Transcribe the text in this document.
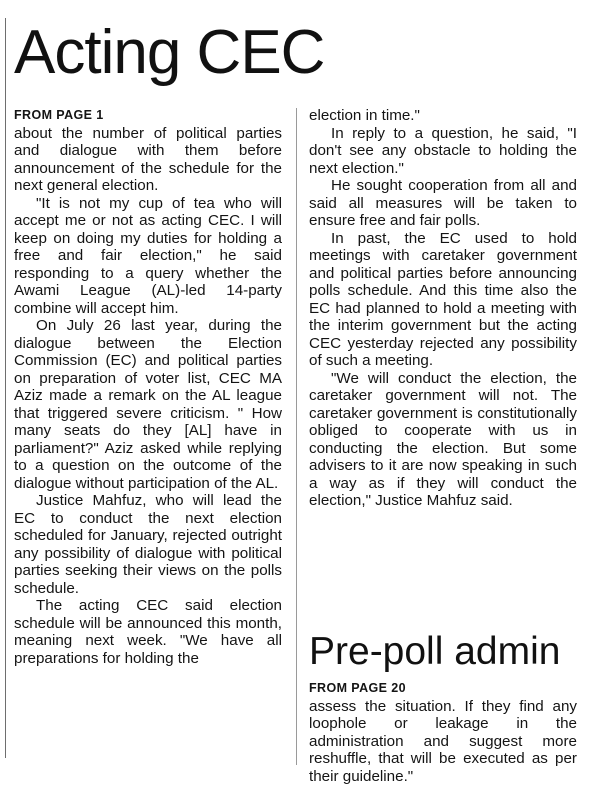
Acting CEC
FROM PAGE 1

about the number of political parties and dialogue with them before announcement of the schedule for the next general election.

"It is not my cup of tea who will accept me or not as acting CEC. I will keep on doing my duties for holding a free and fair election," he said responding to a query whether the Awami League (AL)-led 14-party combine will accept him.

On July 26 last year, during the dialogue between the Election Commission (EC) and political parties on preparation of voter list, CEC MA Aziz made a remark on the AL league that triggered severe criticism. " How many seats do they [AL] have in parliament?" Aziz asked while replying to a question on the outcome of the dialogue without participation of the AL.

Justice Mahfuz, who will lead the EC to conduct the next election scheduled for January, rejected outright any possibility of dialogue with political parties seeking their views on the polls schedule.

The acting CEC said election schedule will be announced this month, meaning next week. "We have all preparations for holding the

election in time."

In reply to a question, he said, "I don't see any obstacle to holding the next election."

He sought cooperation from all and said all measures will be taken to ensure free and fair polls.

In past, the EC used to hold meetings with caretaker government and political parties before announcing polls schedule. And this time also the EC had planned to hold a meeting with the interim government but the acting CEC yesterday rejected any possibility of such a meeting.

"We will conduct the election, the caretaker government will not. The caretaker government is constitutionally obliged to cooperate with us in conducting the election. But some advisers to it are now speaking in such a way as if they will conduct the election," Justice Mahfuz said.

Pre-poll admin
FROM PAGE 20

assess the situation. If they find any loophole or leakage in the administration and suggest more reshuffle, that will be executed as per their guideline."
